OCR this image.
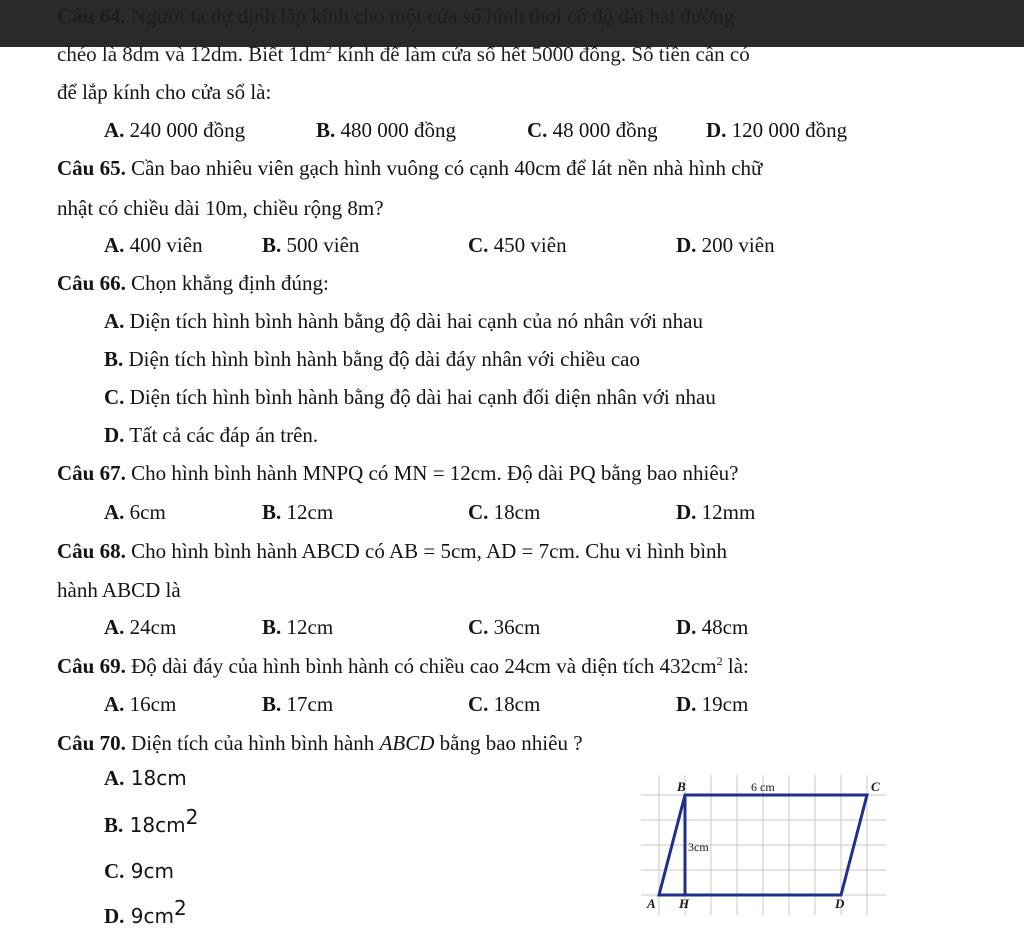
Câu 64. Người ta dự định lắp kính cho một cửa sổ hình thoi có độ dài hai đường
chéo là 8dm và 12dm. Biết $1dm^2$ kính để làm cửa sổ hết 5000 đồng. Số tiền cần có
để lắp kính cho cửa sổ là:
A. 240 000 đồng	B. 480 000 đồng	C. 48 000 đồng D. 120 000 đồng
Câu 65. Cần bao nhiêu viên gạch hình vuông có cạnh 40cm để lát nền nhà hình chữ
nhật có chiều dài 10m, chiều rộng 8m?
A. 400 viên	B. 500 viên	C. 450 viên	D. 200 viên
Câu 66. Chọn khẳng định đúng:
A. Diện tích hình bình hành bằng độ dài hai cạnh của nó nhân với nhau
B. Diện tích hình bình hành bằng độ dài đáy nhân với chiều cao
C. Diện tích hình bình hành bằng độ dài hai cạnh đối diện nhân với nhau
D. Tất cả các đáp án trên.
Câu 67. Cho hình bình hành MNPQ có MN = 12cm. Độ dài PQ bằng bao nhiêu?
A. 6cm	B. 12cm	C. 18cm	D. 12mm
Câu 68. Cho hình bình hành ABCD có AB = 5cm, AD = 7cm. Chu vi hình bình
hành ABCD là
A. 24cm	B. 12cm	C. 36cm	D. 48cm
Câu 69. Độ dài đáy của hình bình hành có chiều cao 24cm và diện tích $432cm^2$ là:
A. 16cm	B. 17cm	C. 18cm	D. 19cm
Câu 70. Diện tích của hình bình hành ABCD bằng bao nhiêu ?
A. 18cm
B. $18cm^2$
C. 9cm
D. $9cm^2$
B	6 cm	C
3cm
A H	D
